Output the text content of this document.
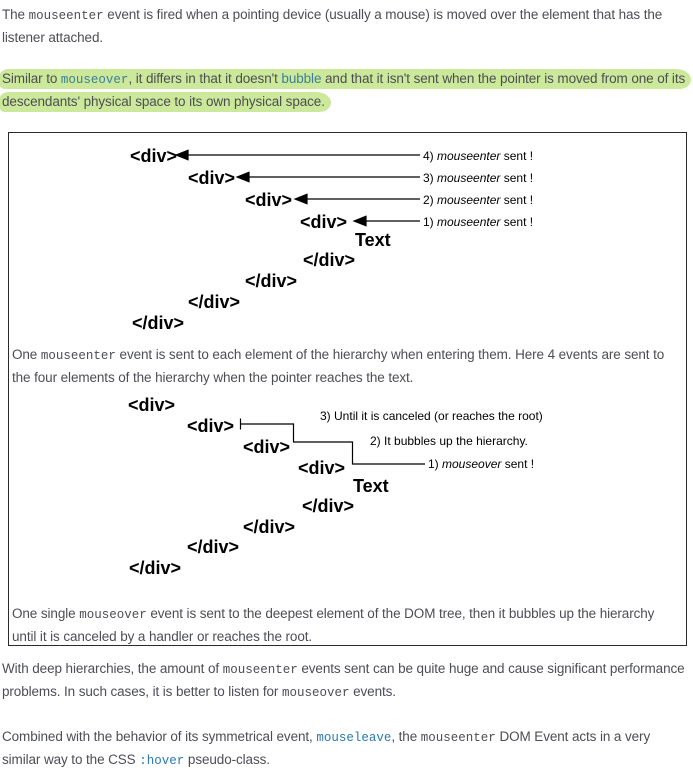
The mouseenter event is fired when a pointing device (usually a mouse) is moved over the element that has the listener attached.

Similar to mouseover, it differs in that it doesn't bubble and that it isn't sent when the pointer is moved from one of its descendants' physical space to its own physical space.

<div>
<div>
<div>
<div>
Text
</div>
</div>
</div>
</div>
4) mouseenter sent !
3) mouseenter sent !
2) mouseenter sent !
1) mouseenter sent !

One mouseenter event is sent to each element of the hierarchy when entering them. Here 4 events are sent to the four elements of the hierarchy when the pointer reaches the text.

<div>
<div>
<div>
<div>
Text
</div>
</div>
</div>
</div>
3) Until it is canceled (or reaches the root)
2) It bubbles up the hierarchy.
1) mouseover sent !

One single mouseover event is sent to the deepest element of the DOM tree, then it bubbles up the hierarchy until it is canceled by a handler or reaches the root.

With deep hierarchies, the amount of mouseenter events sent can be quite huge and cause significant performance problems. In such cases, it is better to listen for mouseover events.

Combined with the behavior of its symmetrical event, mouseleave, the mouseenter DOM Event acts in a very similar way to the CSS :hover pseudo-class.
